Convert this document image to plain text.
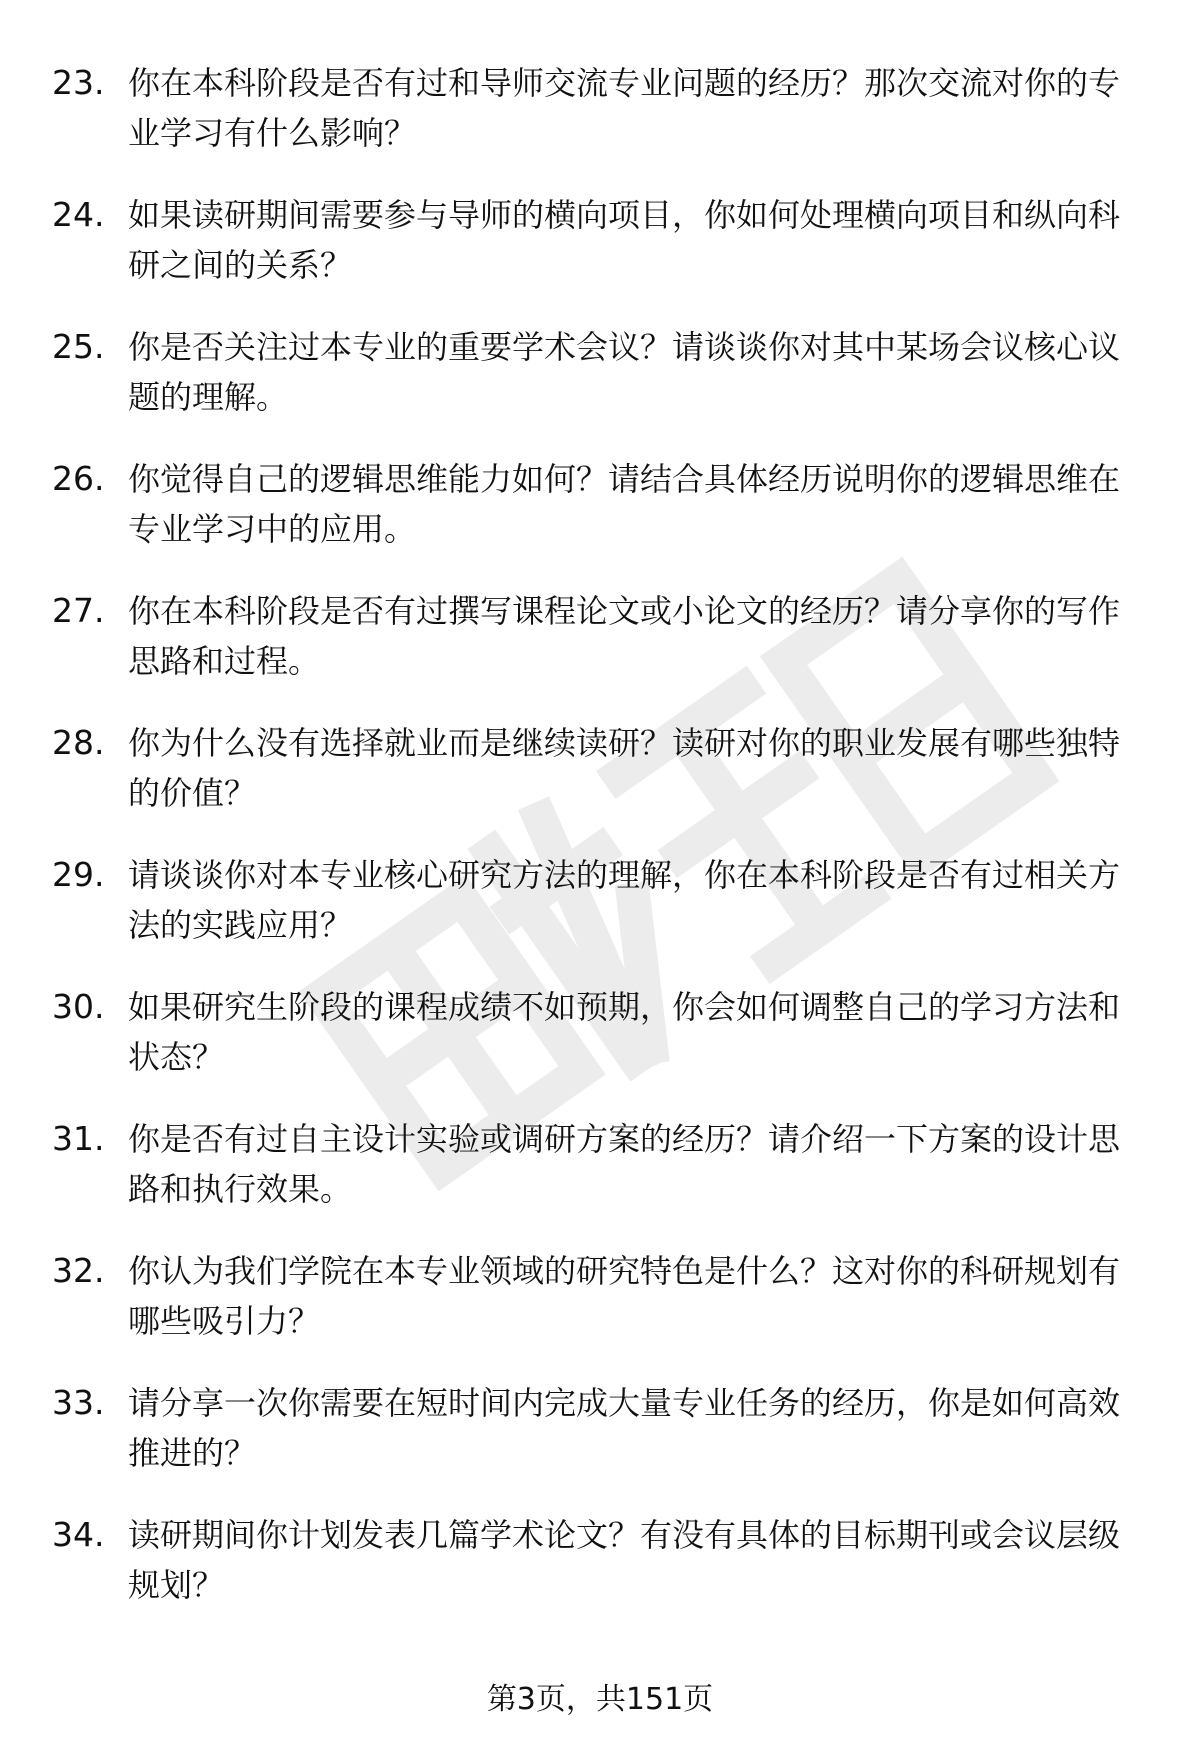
23. 你在本科阶段是否有过和导师交流专业问题的经历？那次交流对你的专业学习有什么影响？
24. 如果读研期间需要参与导师的横向项目，你如何处理横向项目和纵向科研之间的关系？
25. 你是否关注过本专业的重要学术会议？请谈谈你对其中某场会议核心议题的理解。
26. 你觉得自己的逻辑思维能力如何？请结合具体经历说明你的逻辑思维在专业学习中的应用。
27. 你在本科阶段是否有过撰写课程论文或小论文的经历？请分享你的写作思路和过程。
28. 你为什么没有选择就业而是继续读研？读研对你的职业发展有哪些独特的价值？
29. 请谈谈你对本专业核心研究方法的理解，你在本科阶段是否有过相关方法的实践应用？
30. 如果研究生阶段的课程成绩不如预期，你会如何调整自己的学习方法和状态？
31. 你是否有过自主设计实验或调研方案的经历？请介绍一下方案的设计思路和执行效果。
32. 你认为我们学院在本专业领域的研究特色是什么？这对你的科研规划有哪些吸引力？
33. 请分享一次你需要在短时间内完成大量专业任务的经历，你是如何高效推进的？
34. 读研期间你计划发表几篇学术论文？有没有具体的目标期刊或会议层级规划？
第3页，共151页
